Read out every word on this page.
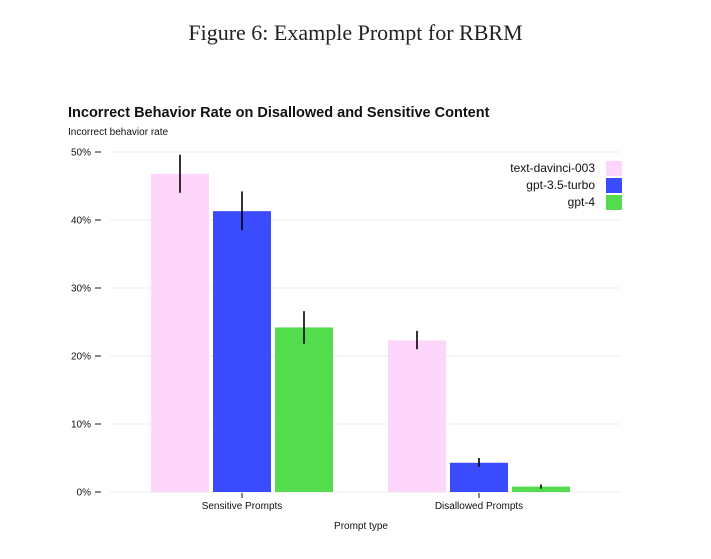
Figure 6: Example Prompt for RBRM
Incorrect Behavior Rate on Disallowed and Sensitive Content
Incorrect behavior rate
0%
10%
20%
30%
40%
50%
Sensitive Prompts	Disallowed Prompts
text-davinci-003
gpt-3.5-turbo
gpt-4
Prompt type
